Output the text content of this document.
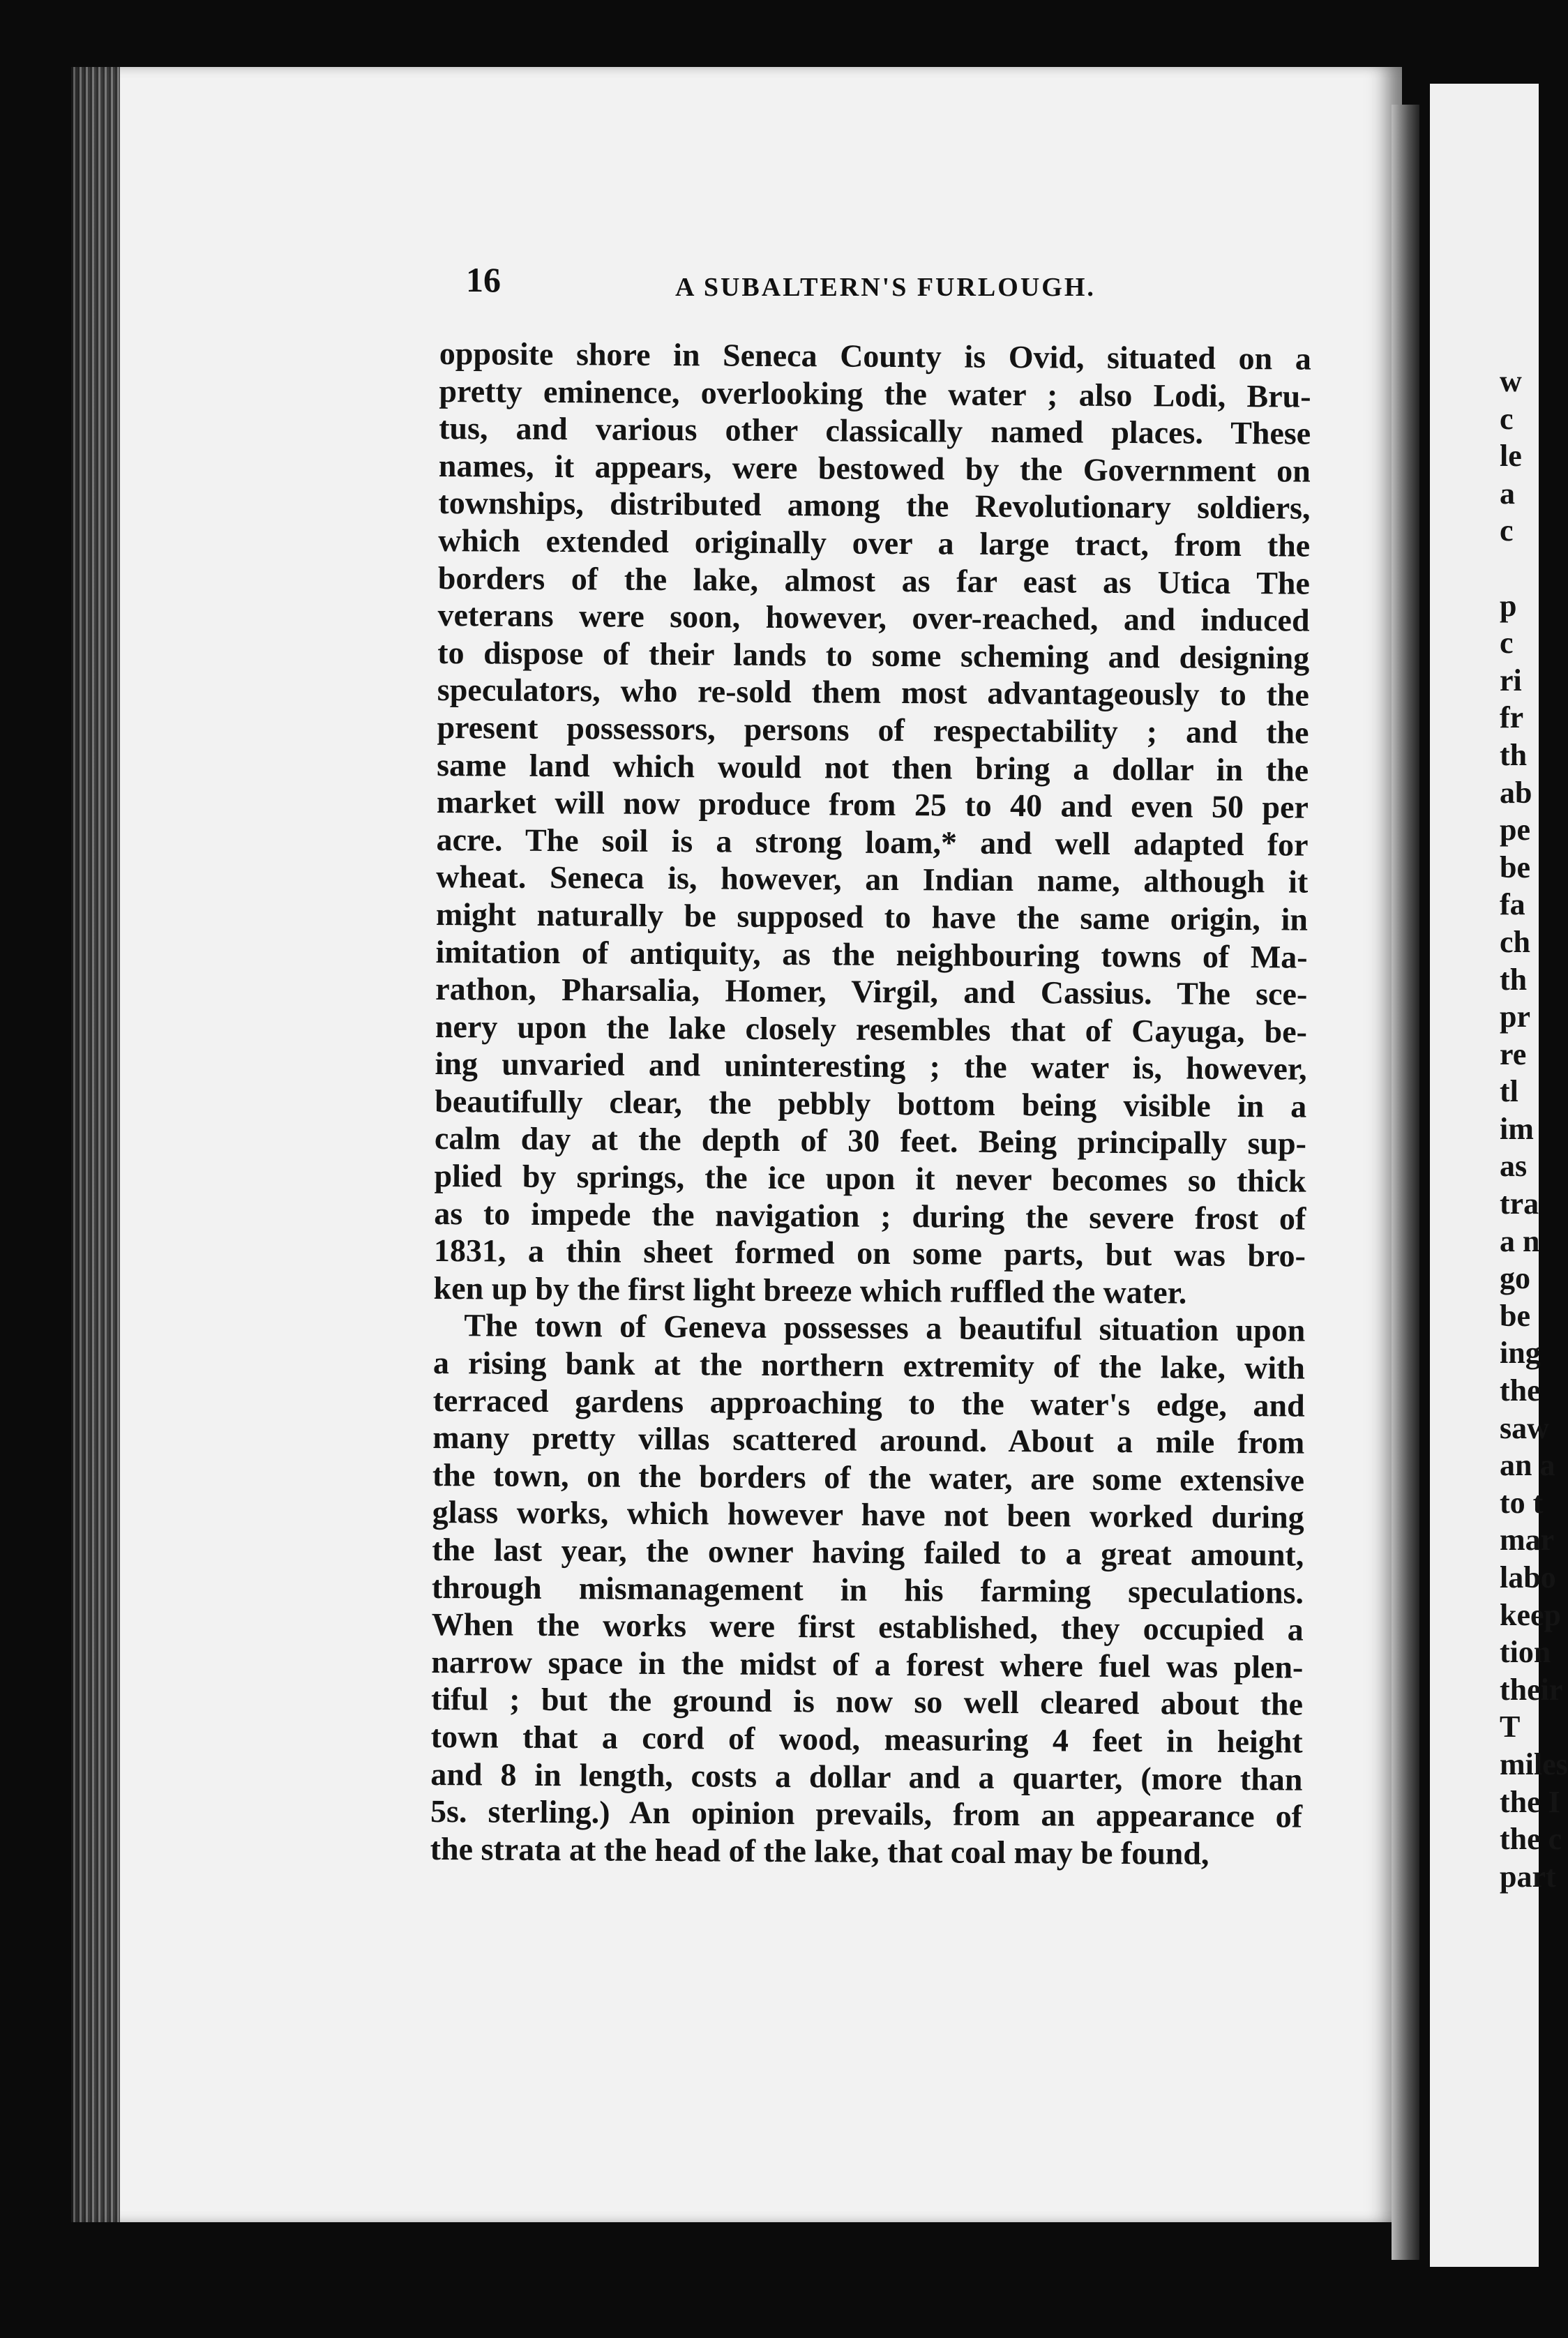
16	A SUBALTERN'S FURLOUGH.
opposite shore in Seneca County is Ovid, situated on a
pretty eminence, overlooking the water ; also Lodi, Bru-
tus, and various other classically named places. These
names, it appears, were bestowed by the Government on
townships, distributed among the Revolutionary soldiers,
which extended originally over a large tract, from the
borders of the lake, almost as far east as Utica The
veterans were soon, however, over-reached, and induced
to dispose of their lands to some scheming and designing
speculators, who re-sold them most advantageously to the
present possessors, persons of respectability ; and the
same land which would not then bring a dollar in the
market will now produce from 25 to 40 and even 50 per
acre. The soil is a strong loam,* and well adapted for
wheat. Seneca is, however, an Indian name, although it
might naturally be supposed to have the same origin, in
imitation of antiquity, as the neighbouring towns of Ma-
rathon, Pharsalia, Homer, Virgil, and Cassius. The sce-
nery upon the lake closely resembles that of Cayuga, be-
ing unvaried and uninteresting ; the water is, however,
beautifully clear, the pebbly bottom being visible in a
calm day at the depth of 30 feet. Being principally sup-
plied by springs, the ice upon it never becomes so thick
as to impede the navigation ; during the severe frost of
1831, a thin sheet formed on some parts, but was bro-
ken up by the first light breeze which ruffled the water.
The town of Geneva possesses a beautiful situation upon
a rising bank at the northern extremity of the lake, with
terraced gardens approaching to the water's edge, and
many pretty villas scattered around. About a mile from
the town, on the borders of the water, are some extensive
glass works, which however have not been worked during
the last year, the owner having failed to a great amount,
through mismanagement in his farming speculations.
When the works were first established, they occupied a
narrow space in the midst of a forest where fuel was plen-
tiful ; but the ground is now so well cleared about the
town that a cord of wood, measuring 4 feet in height
and 8 in length, costs a dollar and a quarter, (more than
5s. sterling.) An opinion prevails, from an appearance of
the strata at the head of the lake, that coal may be found,
w
c
le
a
c
p
c
ri
fr
th
ab
pe
be
fa
ch
th
pr
re
tl
im
as
tra
a n
go
be
ing
the
saw
an a
to t
mar
labo
keep
tion
their
T
miles
the I
the c
part
